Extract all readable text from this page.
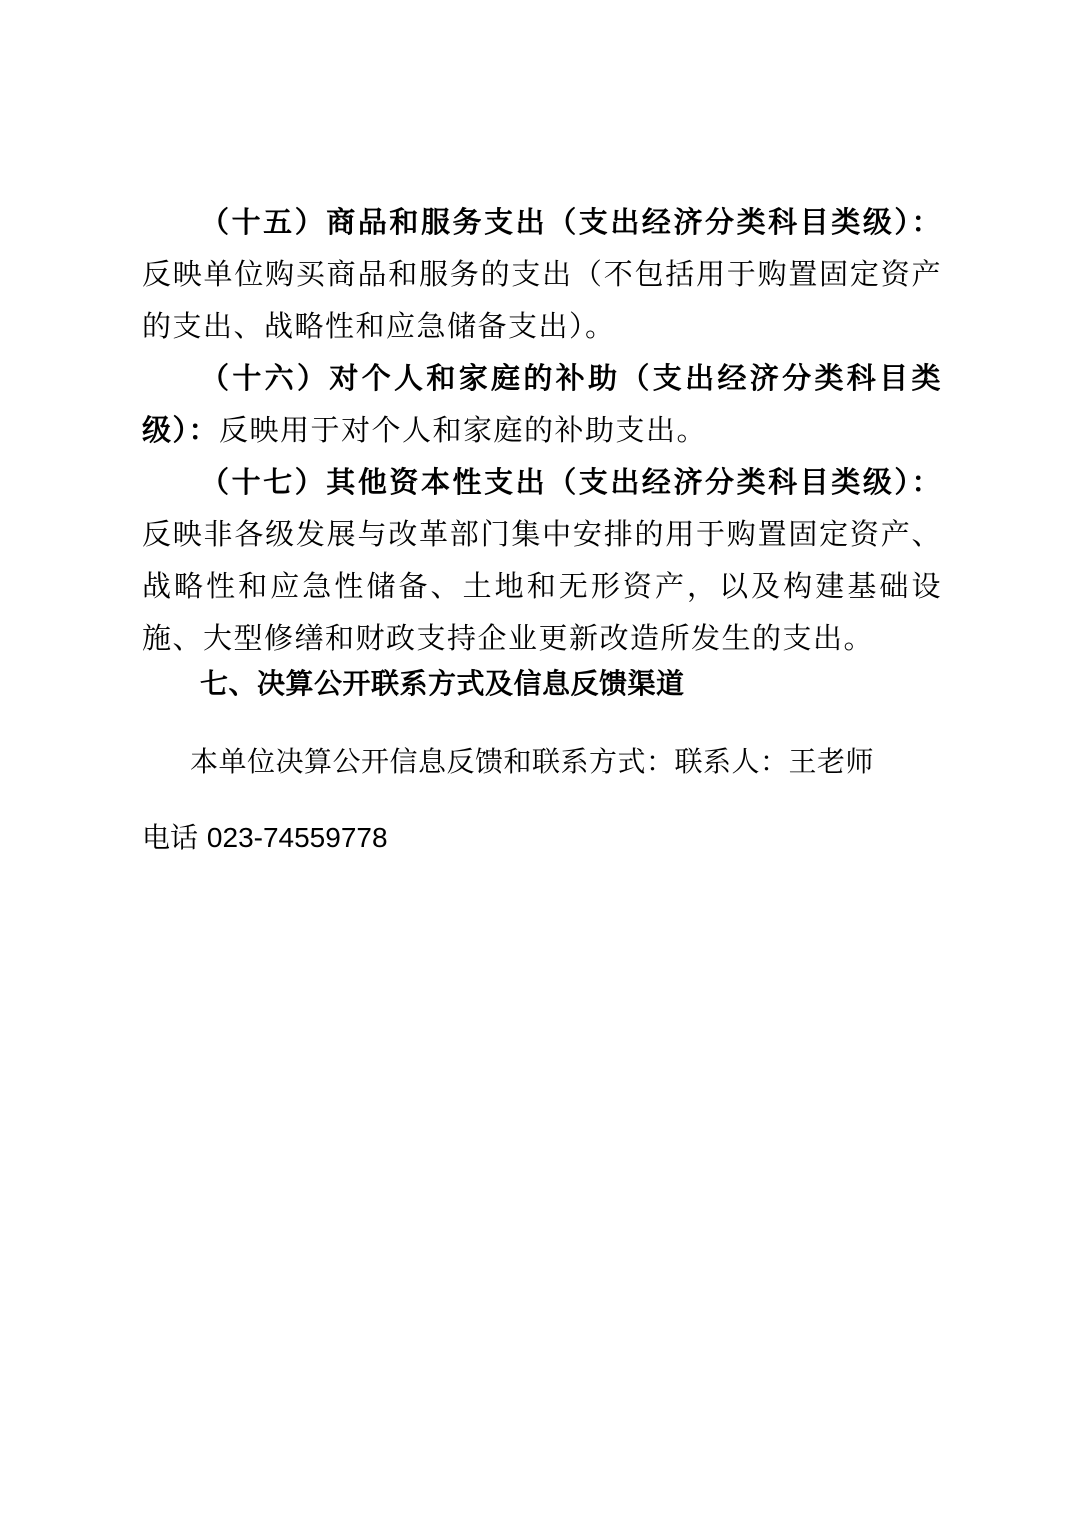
（十五）商品和服务支出（支出经济分类科目类级）：反映单位购买商品和服务的支出（不包括用于购置固定资产的支出、战略性和应急储备支出）。

（十六）对个人和家庭的补助（支出经济分类科目类级）：反映用于对个人和家庭的补助支出。

（十七）其他资本性支出（支出经济分类科目类级）：反映非各级发展与改革部门集中安排的用于购置固定资产、战略性和应急性储备、土地和无形资产，以及构建基础设施、大型修缮和财政支持企业更新改造所发生的支出。

七、决算公开联系方式及信息反馈渠道

本单位决算公开信息反馈和联系方式：联系人：王老师

电话 023-74559778
